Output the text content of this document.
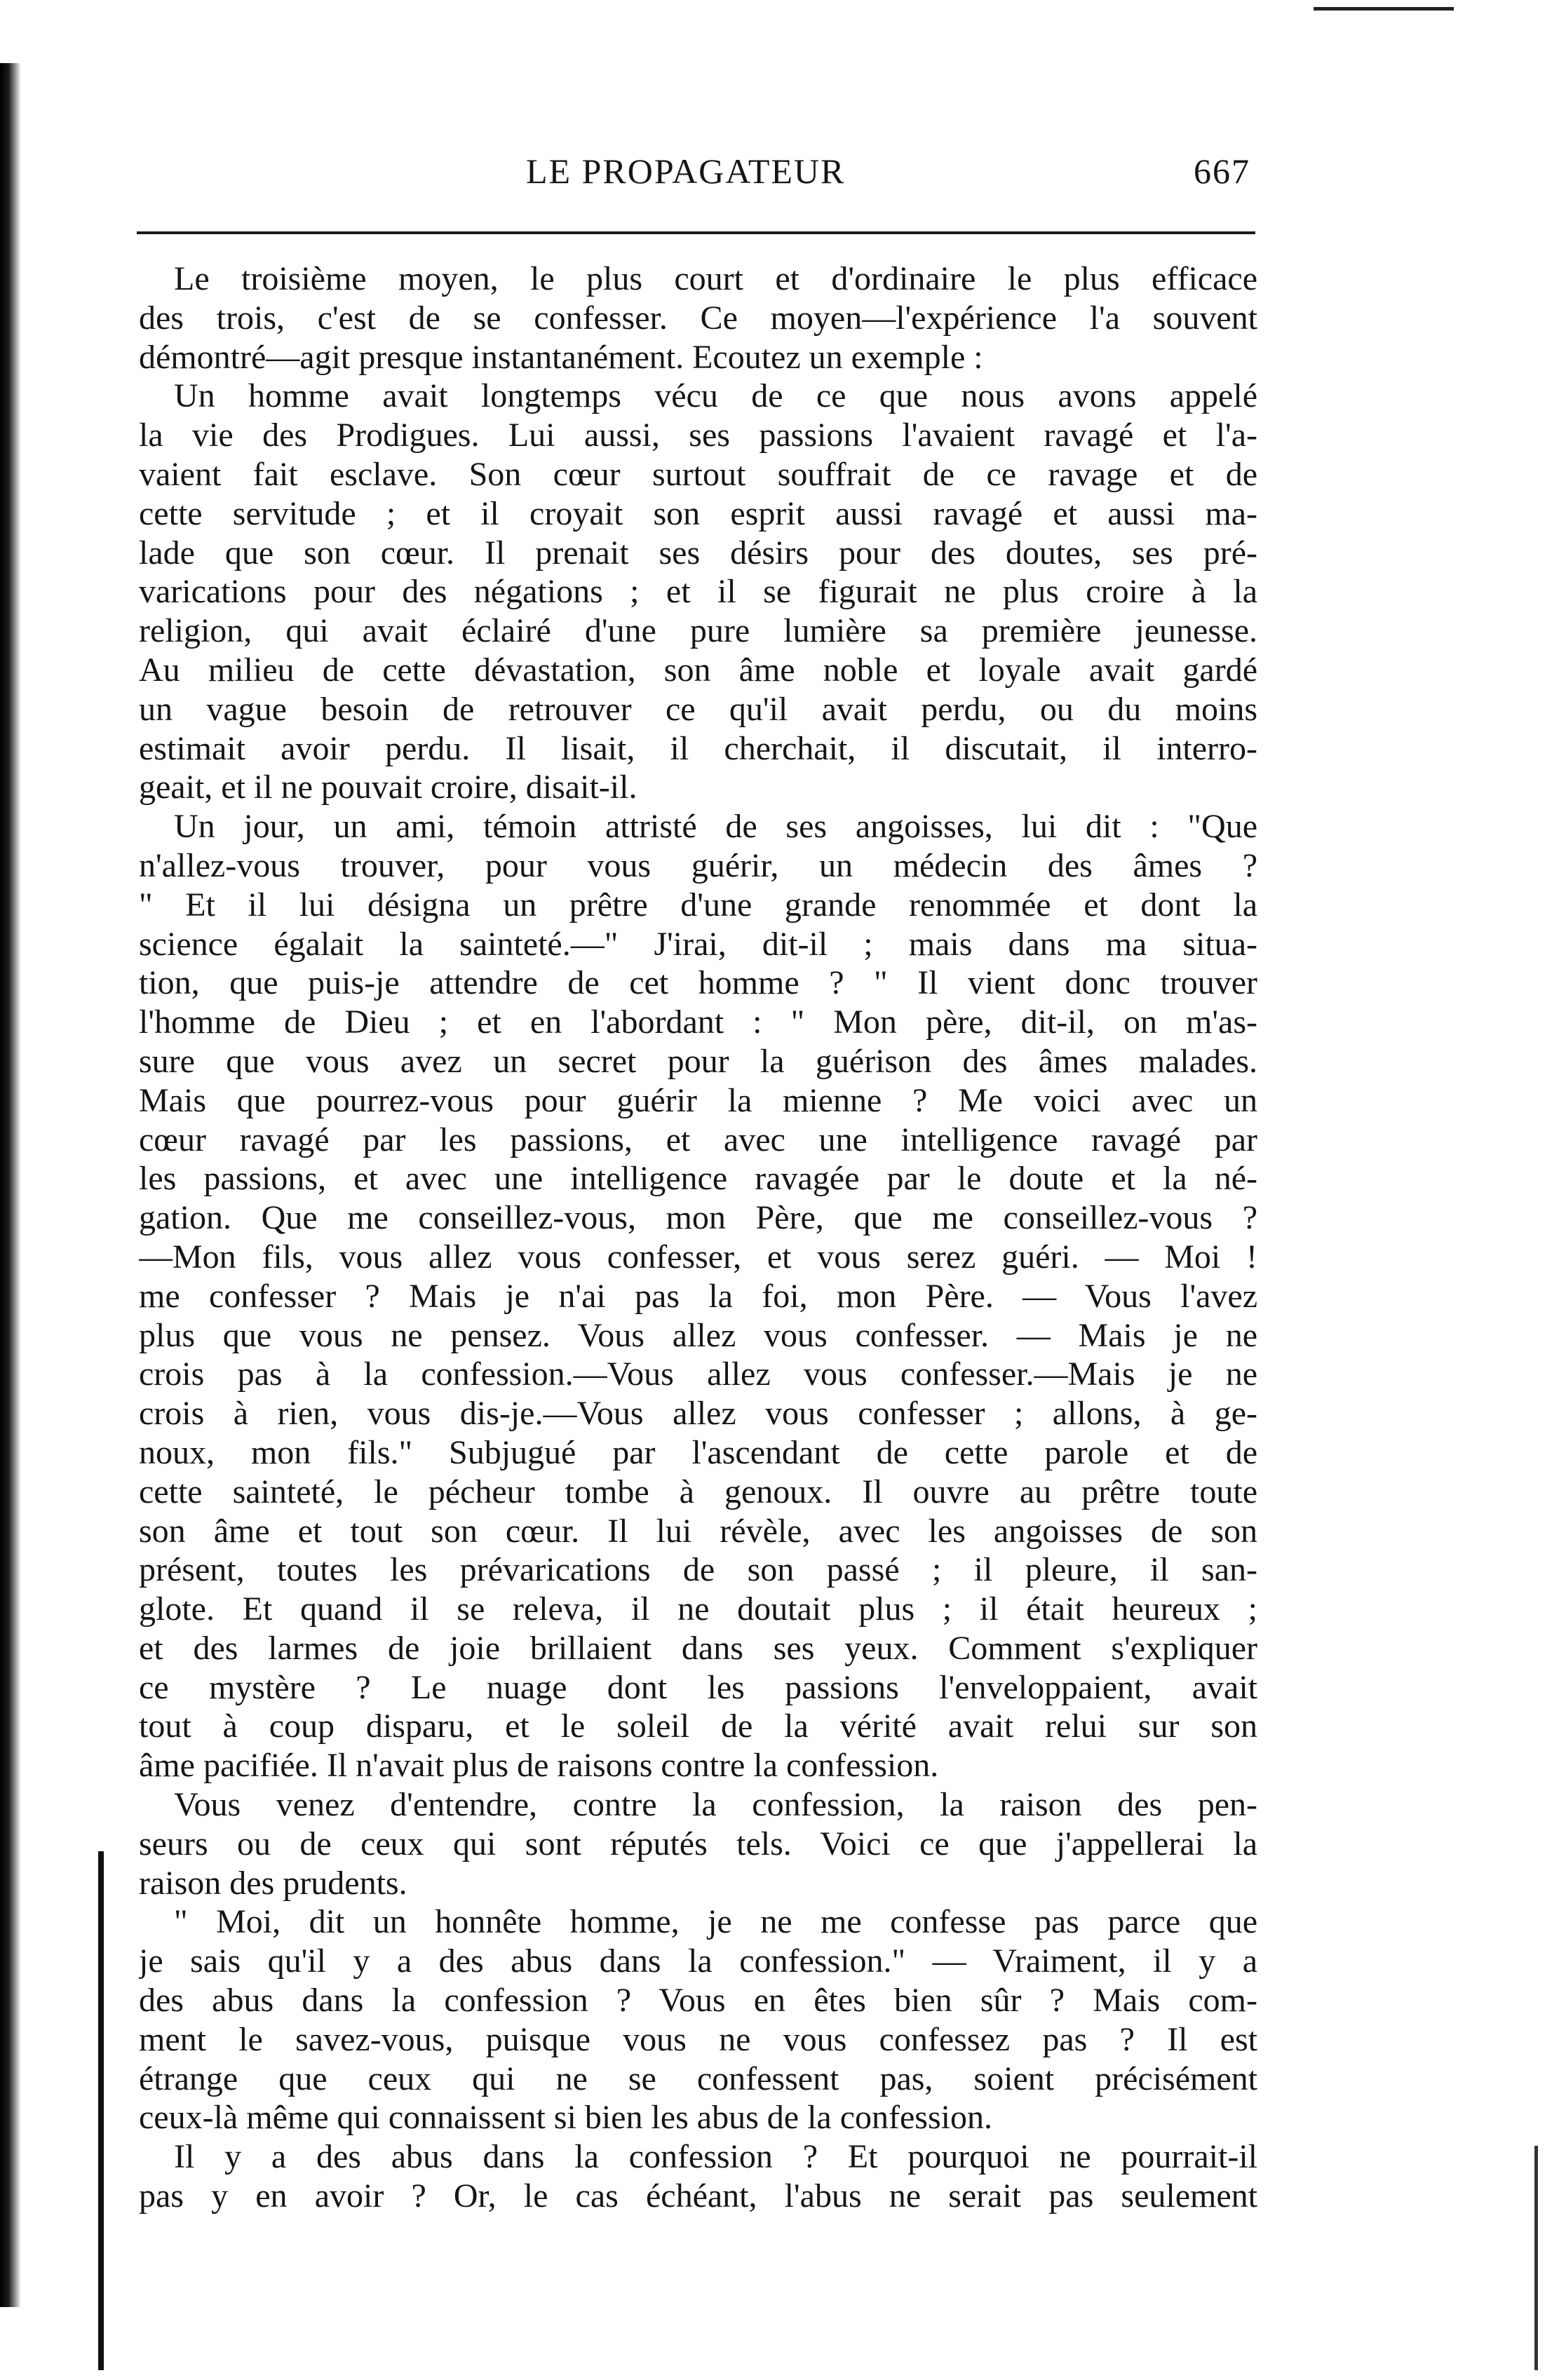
LE PROPAGATEUR	667
Le troisième moyen, le plus court et d'ordinaire le plus efficace
des trois, c'est de se confesser. Ce moyen—l'expérience l'a souvent
démontré—agit presque instantanément. Ecoutez un exemple :
Un homme avait longtemps vécu de ce que nous avons appelé
la vie des Prodigues. Lui aussi, ses passions l'avaient ravagé et l'a-
vaient fait esclave. Son cœur surtout souffrait de ce ravage et de
cette servitude ; et il croyait son esprit aussi ravagé et aussi ma-
lade que son cœur. Il prenait ses désirs pour des doutes, ses pré-
varications pour des négations ; et il se figurait ne plus croire à la
religion, qui avait éclairé d'une pure lumière sa première jeunesse.
Au milieu de cette dévastation, son âme noble et loyale avait gardé
un vague besoin de retrouver ce qu'il avait perdu, ou du moins
estimait avoir perdu. Il lisait, il cherchait, il discutait, il interro-
geait, et il ne pouvait croire, disait-il.
Un jour, un ami, témoin attristé de ses angoisses, lui dit : "Que
n'allez-vous trouver, pour vous guérir, un médecin des âmes ?
" Et il lui désigna un prêtre d'une grande renommée et dont la
science égalait la sainteté.—" J'irai, dit-il ; mais dans ma situa-
tion, que puis-je attendre de cet homme ? " Il vient donc trouver
l'homme de Dieu ; et en l'abordant : " Mon père, dit-il, on m'as-
sure que vous avez un secret pour la guérison des âmes malades.
Mais que pourrez-vous pour guérir la mienne ? Me voici avec un
cœur ravagé par les passions, et avec une intelligence ravagé par
les passions, et avec une intelligence ravagée par le doute et la né-
gation. Que me conseillez-vous, mon Père, que me conseillez-vous ?
—Mon fils, vous allez vous confesser, et vous serez guéri. — Moi !
me confesser ? Mais je n'ai pas la foi, mon Père. — Vous l'avez
plus que vous ne pensez. Vous allez vous confesser. — Mais je ne
crois pas à la confession.—Vous allez vous confesser.—Mais je ne
crois à rien, vous dis-je.—Vous allez vous confesser ; allons, à ge-
noux, mon fils." Subjugué par l'ascendant de cette parole et de
cette sainteté, le pécheur tombe à genoux. Il ouvre au prêtre toute
son âme et tout son cœur. Il lui révèle, avec les angoisses de son
présent, toutes les prévarications de son passé ; il pleure, il san-
glote. Et quand il se releva, il ne doutait plus ; il était heureux ;
et des larmes de joie brillaient dans ses yeux. Comment s'expliquer
ce mystère ? Le nuage dont les passions l'enveloppaient, avait
tout à coup disparu, et le soleil de la vérité avait relui sur son
âme pacifiée. Il n'avait plus de raisons contre la confession.
Vous venez d'entendre, contre la confession, la raison des pen-
seurs ou de ceux qui sont réputés tels. Voici ce que j'appellerai la
raison des prudents.
" Moi, dit un honnête homme, je ne me confesse pas parce que
je sais qu'il y a des abus dans la confession." — Vraiment, il y a
des abus dans la confession ? Vous en êtes bien sûr ? Mais com-
ment le savez-vous, puisque vous ne vous confessez pas ? Il est
étrange que ceux qui ne se confessent pas, soient précisément
ceux-là même qui connaissent si bien les abus de la confession.
Il y a des abus dans la confession ? Et pourquoi ne pourrait-il
pas y en avoir ? Or, le cas échéant, l'abus ne serait pas seulement
